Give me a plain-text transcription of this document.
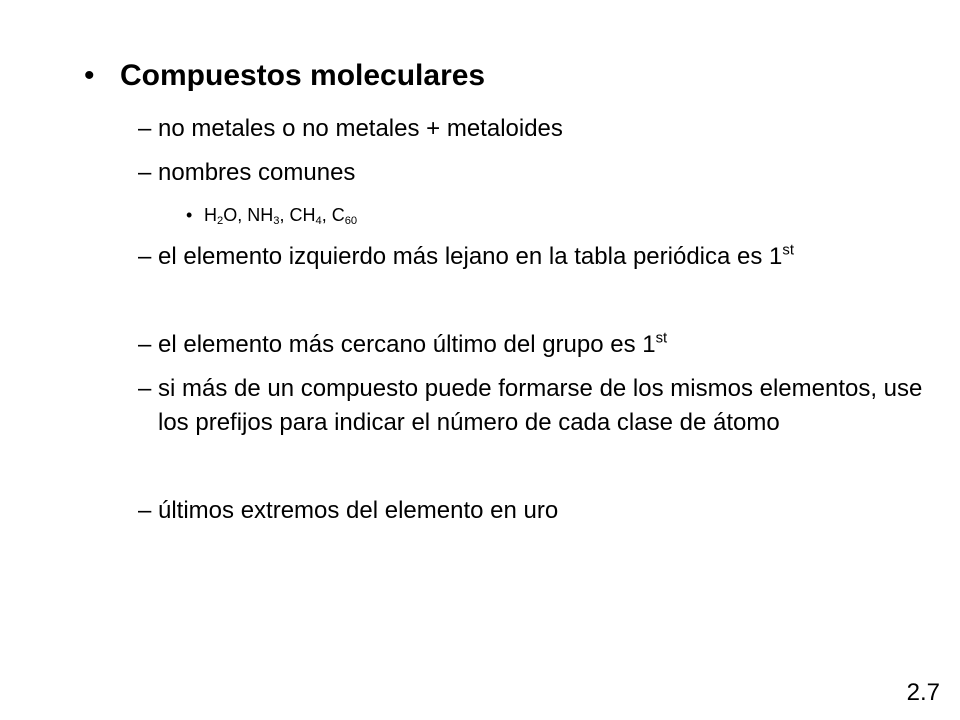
• Compuestos moleculares
– no metales o no metales + metaloides
– nombres comunes
• $H_2O$, $NH_3$, $CH_4$, $C_{60}$
– el elemento izquierdo más lejano en la tabla periódica es 1st
– el elemento más cercano último del grupo es 1st
– si más de un compuesto puede formarse de los mismos elementos, use los prefijos para indicar el número de cada clase de átomo
– últimos extremos del elemento en uro
2.7
